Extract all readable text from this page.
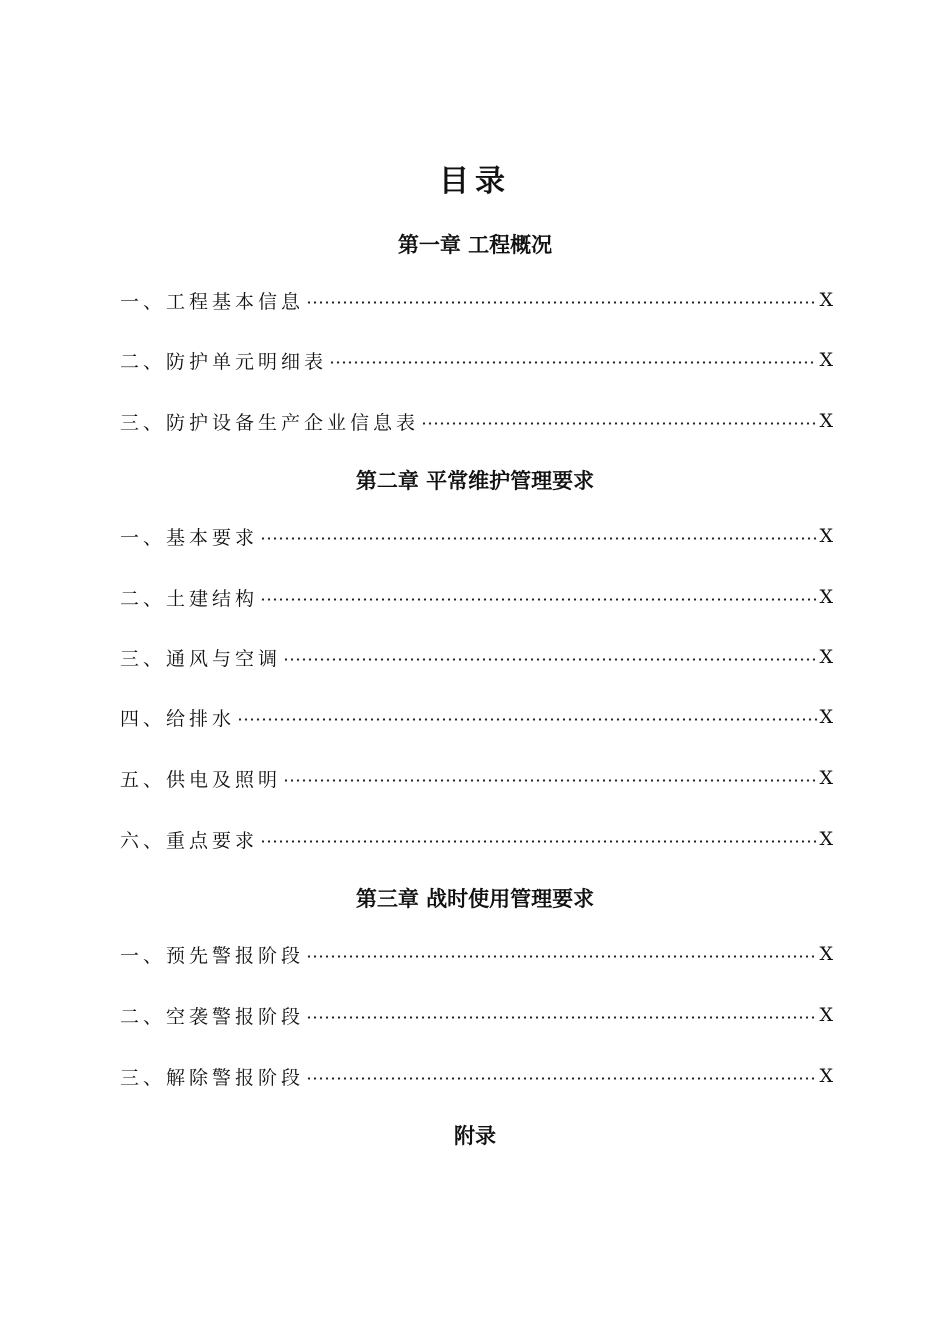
目录
第一章 工程概况
一、工程基本信息	X
二、防护单元明细表	X
三、防护设备生产企业信息表	X
第二章 平常维护管理要求
一、基本要求	X
二、土建结构	X
三、通风与空调	X
四、给排水	X
五、供电及照明	X
六、重点要求	X
第三章 战时使用管理要求
一、预先警报阶段	X
二、空袭警报阶段	X
三、解除警报阶段	X
附录
